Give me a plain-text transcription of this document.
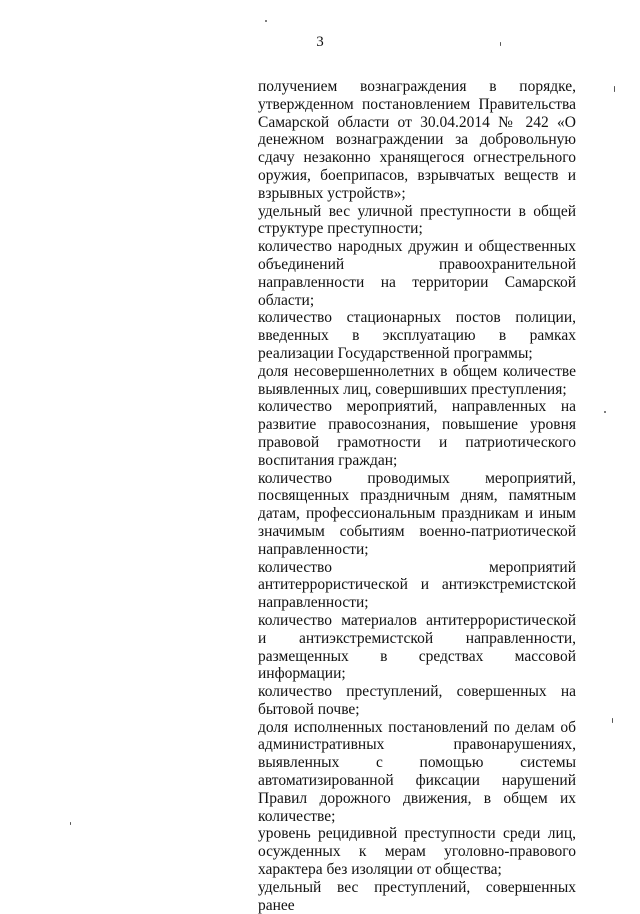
3

получением вознаграждения в порядке, утвержденном постановлением Правительства Самарской области от 30.04.2014 № 242 «О денежном вознаграждении за добровольную сдачу незаконно хранящегося огнестрельного оружия, боеприпасов, взрывчатых веществ и взрывных устройств»;

удельный вес уличной преступности в общей структуре преступности;

количество народных дружин и общественных объединений правоохранительной направленности на территории Самарской области;

количество стационарных постов полиции, введенных в эксплуатацию в рамках реализации Государственной программы;

доля несовершеннолетних в общем количестве выявленных лиц, совершивших преступления;

количество мероприятий, направленных на развитие правосознания, повышение уровня правовой грамотности и патриотического воспитания граждан;

количество проводимых мероприятий, посвященных праздничным дням, памятным датам, профессиональным праздникам и иным значимым событиям военно-патриотической направленности;

количество мероприятий антитеррористической и антиэкстремистской направленности;

количество материалов антитеррористической и антиэкстремистской направленности, размещенных в средствах массовой информации;

количество преступлений, совершенных на бытовой почве;

доля исполненных постановлений по делам об административных правонарушениях, выявленных с помощью системы автоматизированной фиксации нарушений Правил дорожного движения, в общем их количестве;

уровень рецидивной преступности среди лиц, осужденных к мерам уголовно-правового характера без изоляции от общества;

удельный вес преступлений, совершенных ранее
